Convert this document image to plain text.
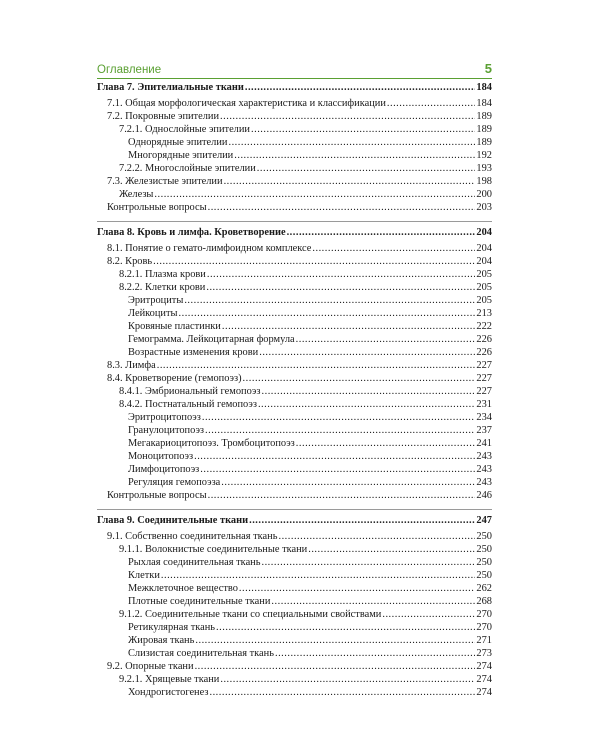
Оглавление	5
Глава 7. Эпителиальные ткани .....	184
7.1. Общая морфологическая характеристика и классификации .....	184
7.2. Покровные эпителии .....	189
7.2.1. Однослойные эпителии .....	189
Однорядные эпителии .....	189
Многорядные эпителии .....	192
7.2.2. Многослойные эпителии .....	193
7.3. Железистые эпителии .....	198
Железы .....	200
Контрольные вопросы .....	203
Глава 8. Кровь и лимфа. Кроветворение .....	204
8.1. Понятие о гемато-лимфоидном комплексе .....	204
8.2. Кровь .....	204
8.2.1. Плазма крови .....	205
8.2.2. Клетки крови .....	205
Эритроциты .....	205
Лейкоциты .....	213
Кровяные пластинки .....	222
Гемограмма. Лейкоцитарная формула .....	226
Возрастные изменения крови .....	226
8.3. Лимфа .....	227
8.4. Кроветворение (гемопоэз) .....	227
8.4.1. Эмбриональный гемопоэз .....	227
8.4.2. Постнатальный гемопоэз .....	231
Эритроцитопоэз .....	234
Гранулоцитопоэз .....	237
Мегакариоцитопоэз. Тромбоцитопоэз .....	241
Моноцитопоэз .....	243
Лимфоцитопоэз .....	243
Регуляция гемопоэза .....	243
Контрольные вопросы .....	246
Глава 9. Соединительные ткани .....	247
9.1. Собственно соединительная ткань .....	250
9.1.1. Волокнистые соединительные ткани .....	250
Рыхлая соединительная ткань .....	250
Клетки .....	250
Межклеточное вещество .....	262
Плотные соединительные ткани .....	268
9.1.2. Соединительные ткани со специальными свойствами .....	270
Ретикулярная ткань .....	270
Жировая ткань .....	271
Слизистая соединительная ткань .....	273
9.2. Опорные ткани .....	274
9.2.1. Хрящевые ткани .....	274
Хондрогистогенез .....	274
